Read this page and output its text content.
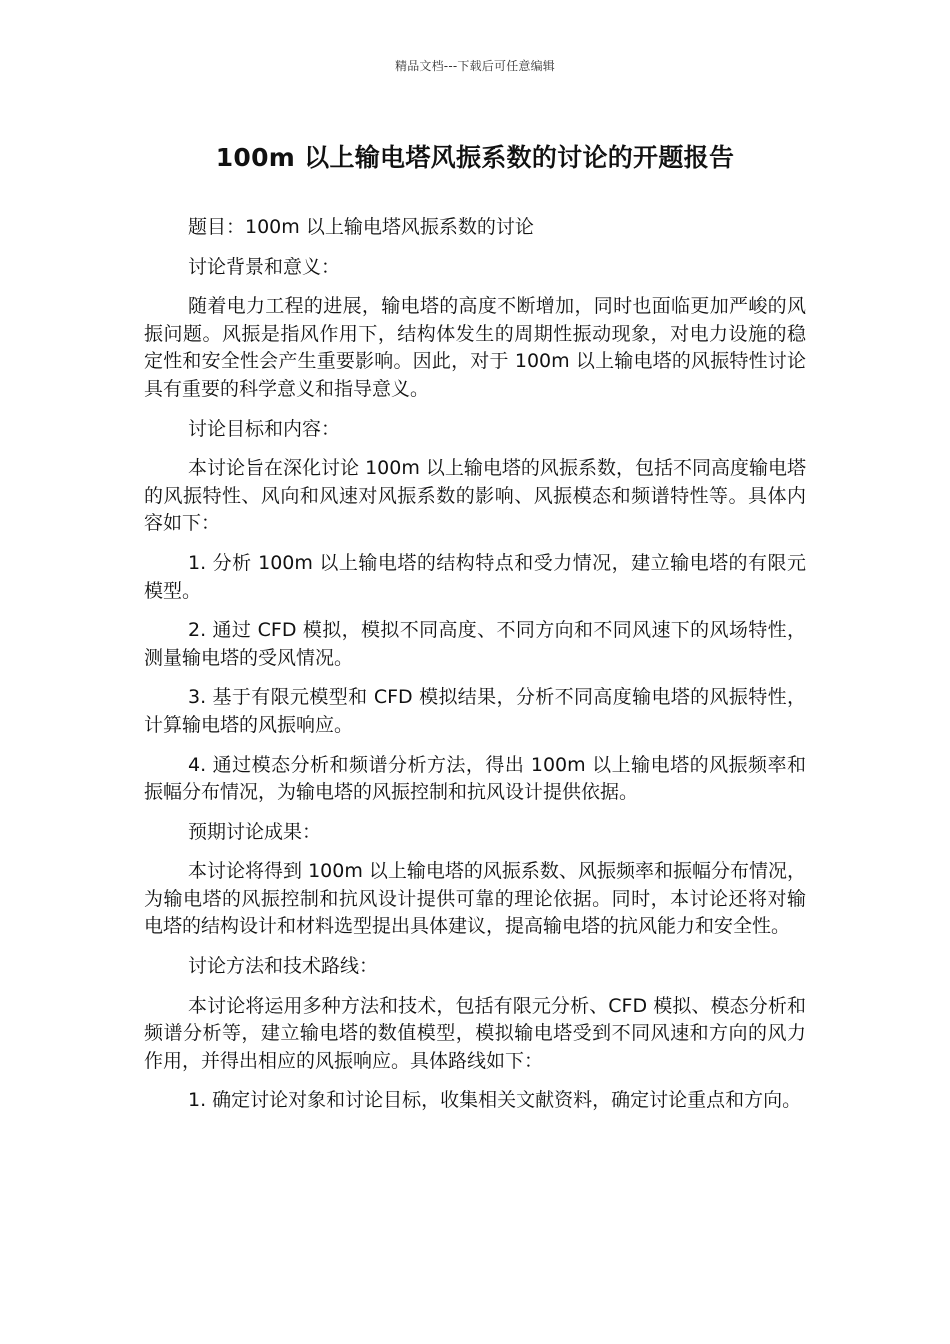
精品文档---下载后可任意编辑
100m 以上输电塔风振系数的讨论的开题报告

题目：100m 以上输电塔风振系数的讨论

讨论背景和意义：

随着电力工程的进展，输电塔的高度不断增加，同时也面临更加严峻的风振问题。风振是指风作用下，结构体发生的周期性振动现象，对电力设施的稳定性和安全性会产生重要影响。因此，对于 100m 以上输电塔的风振特性讨论具有重要的科学意义和指导意义。

讨论目标和内容：

本讨论旨在深化讨论 100m 以上输电塔的风振系数，包括不同高度输电塔的风振特性、风向和风速对风振系数的影响、风振模态和频谱特性等。具体内容如下：

1. 分析 100m 以上输电塔的结构特点和受力情况，建立输电塔的有限元模型。

2. 通过 CFD 模拟，模拟不同高度、不同方向和不同风速下的风场特性，测量输电塔的受风情况。

3. 基于有限元模型和 CFD 模拟结果，分析不同高度输电塔的风振特性，计算输电塔的风振响应。

4. 通过模态分析和频谱分析方法，得出 100m 以上输电塔的风振频率和振幅分布情况，为输电塔的风振控制和抗风设计提供依据。

预期讨论成果：

本讨论将得到 100m 以上输电塔的风振系数、风振频率和振幅分布情况，为输电塔的风振控制和抗风设计提供可靠的理论依据。同时，本讨论还将对输电塔的结构设计和材料选型提出具体建议，提高输电塔的抗风能力和安全性。

讨论方法和技术路线：

本讨论将运用多种方法和技术，包括有限元分析、CFD 模拟、模态分析和频谱分析等，建立输电塔的数值模型，模拟输电塔受到不同风速和方向的风力作用，并得出相应的风振响应。具体路线如下：

1. 确定讨论对象和讨论目标，收集相关文献资料，确定讨论重点和方向。
